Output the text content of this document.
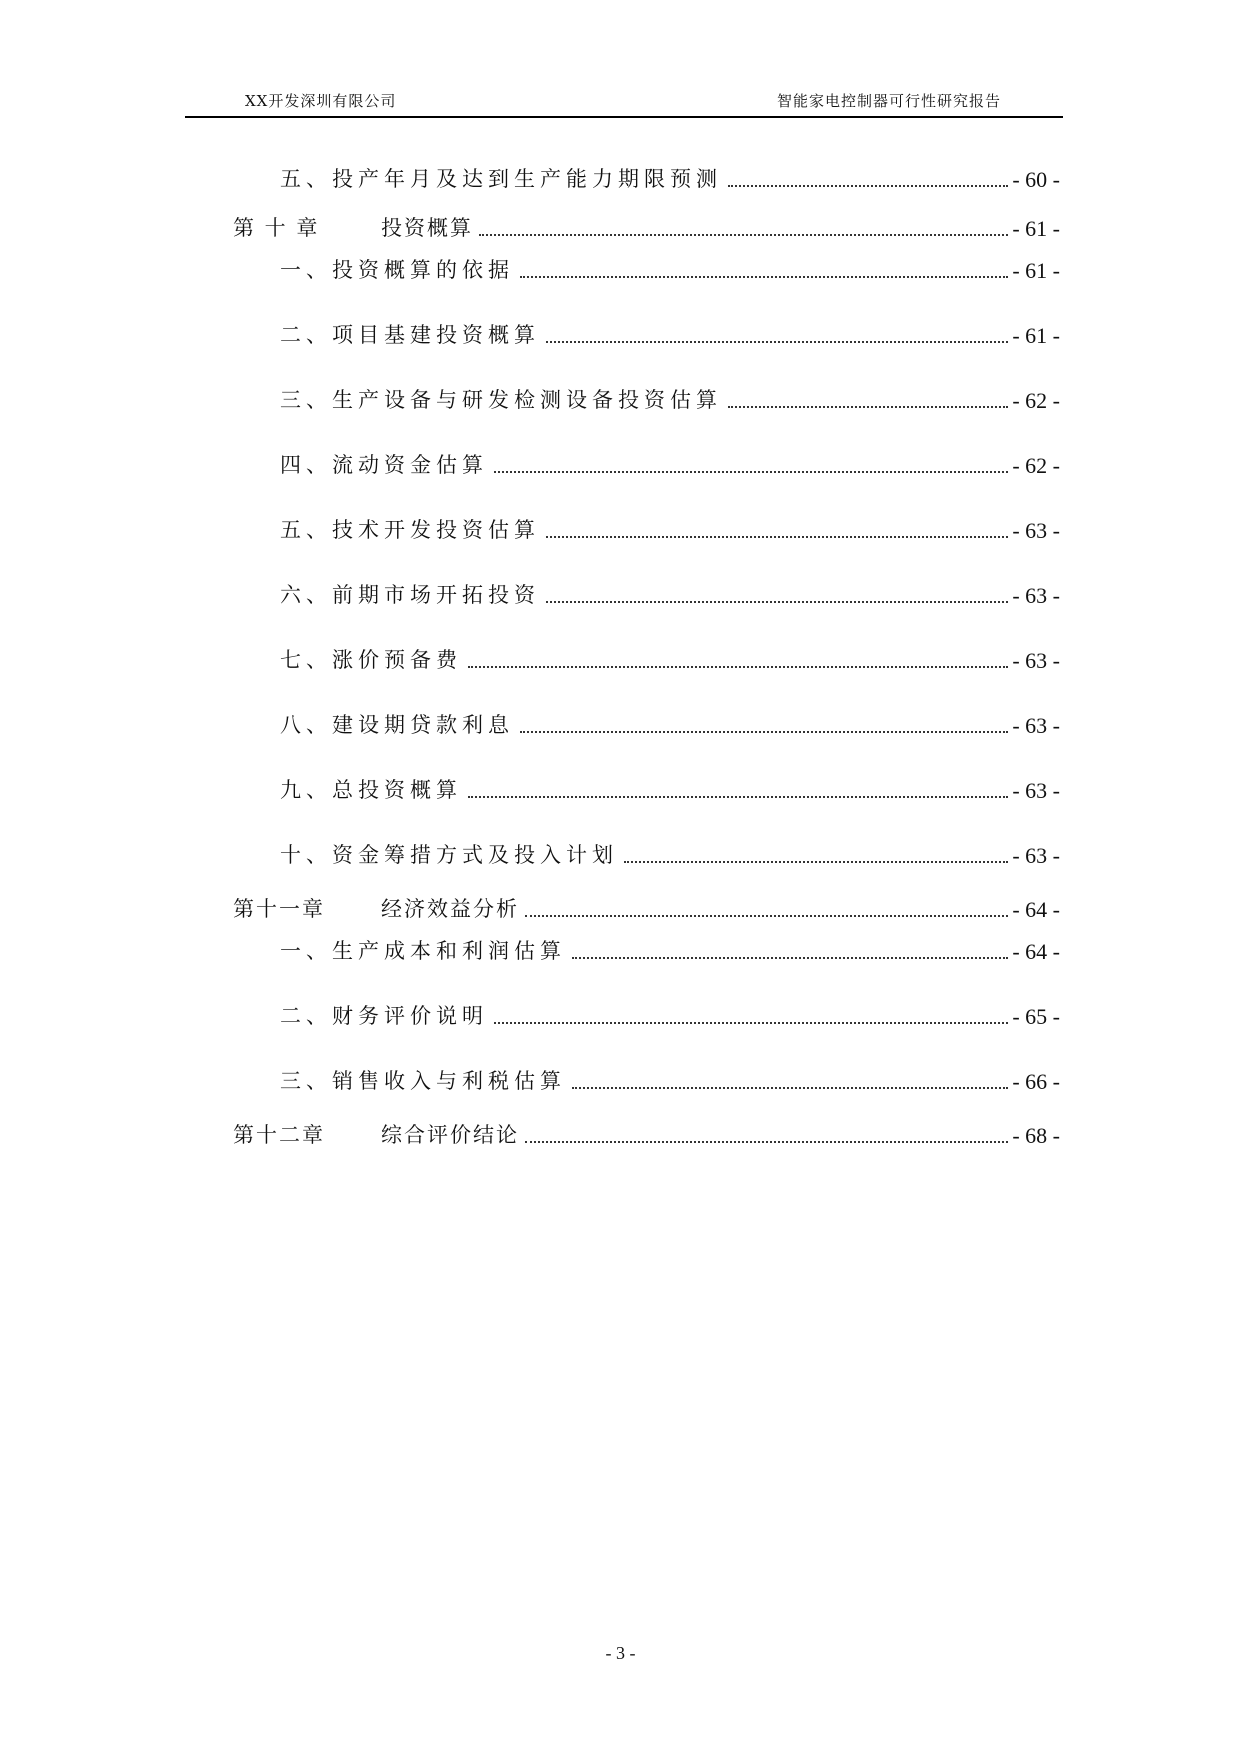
XX开发深圳有限公司	智能家电控制器可行性研究报告
五、投产年月及达到生产能力期限预测	- 60 -
第 十 章	投资概算	- 61 -
一、投资概算的依据	- 61 -
二、项目基建投资概算	- 61 -
三、生产设备与研发检测设备投资估算	- 62 -
四、流动资金估算	- 62 -
五、技术开发投资估算	- 63 -
六、前期市场开拓投资	- 63 -
七、涨价预备费	- 63 -
八、建设期贷款利息	- 63 -
九、总投资概算	- 63 -
十、资金筹措方式及投入计划	- 63 -
第十一章	经济效益分析	- 64 -
一、生产成本和利润估算	- 64 -
二、财务评价说明	- 65 -
三、销售收入与利税估算	- 66 -
第十二章	综合评价结论	- 68 -
- 3 -
